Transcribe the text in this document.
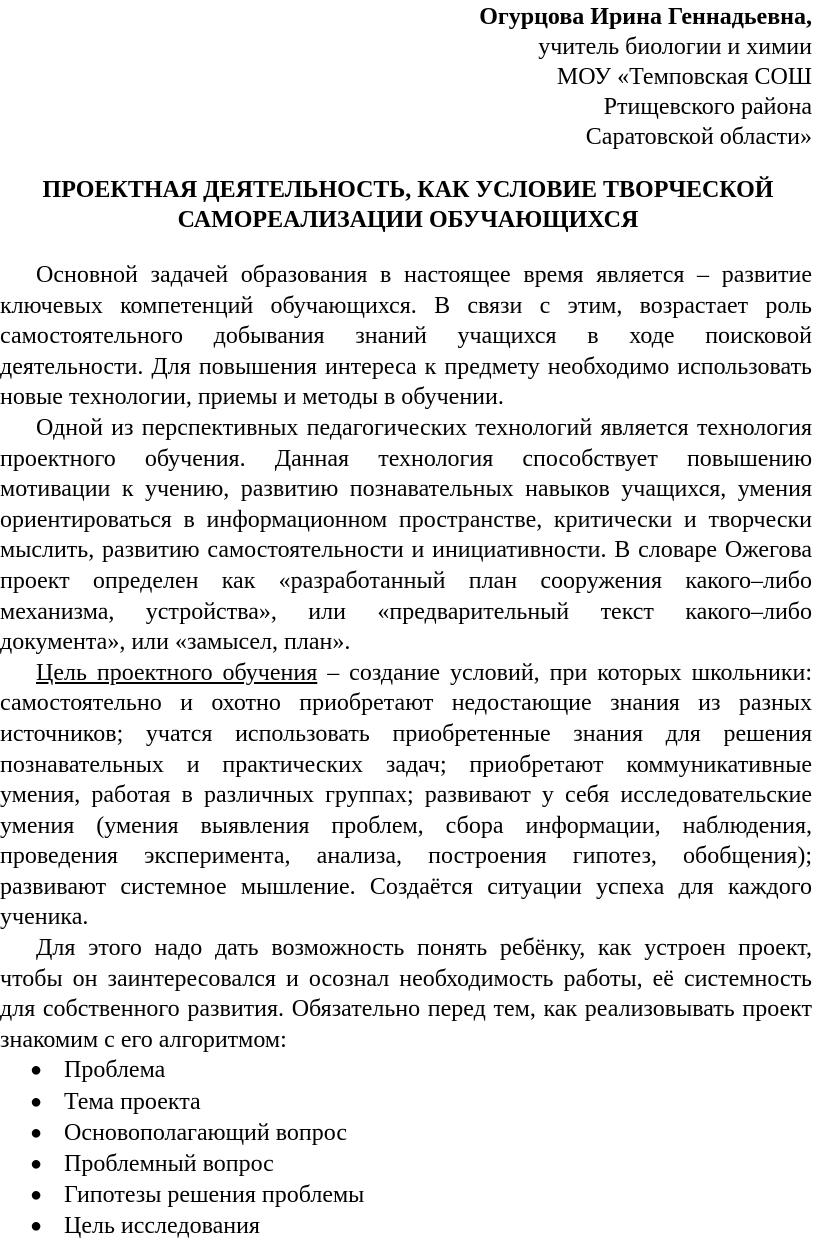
Огурцова Ирина Геннадьевна,
учитель биологии и химии
МОУ «Темповская СОШ
Ртищевского района
Саратовской области»
ПРОЕКТНАЯ ДЕЯТЕЛЬНОСТЬ, КАК УСЛОВИЕ ТВОРЧЕСКОЙ
САМОРЕАЛИЗАЦИИ ОБУЧАЮЩИХСЯ

Основной задачей образования в настоящее время является – развитие ключевых компетенций обучающихся. В связи с этим, возрастает роль самостоятельного добывания знаний учащихся в ходе поисковой деятельности. Для повышения интереса к предмету необходимо использовать новые технологии, приемы и методы в обучении.

Одной из перспективных педагогических технологий является технология проектного обучения. Данная технология способствует повышению мотивации к учению, развитию познавательных навыков учащихся, умения ориентироваться в информационном пространстве, критически и творчески мыслить, развитию самостоятельности и инициативности. В словаре Ожегова проект определен как «разработанный план сооружения какого–либо механизма, устройства», или «предварительный текст какого–либо документа», или «замысел, план».

Цель проектного обучения – создание условий, при которых школьники: самостоятельно и охотно приобретают недостающие знания из разных источников; учатся использовать приобретенные знания для решения познавательных и практических задач; приобретают коммуникативные умения, работая в различных группах; развивают у себя исследовательские умения (умения выявления проблем, сбора информации, наблюдения, проведения эксперимента, анализа, построения гипотез, обобщения); развивают системное мышление. Создаётся ситуации успеха для каждого ученика.

Для этого надо дать возможность понять ребёнку, как устроен проект, чтобы он заинтересовался и осознал необходимость работы, её системность для собственного развития. Обязательно перед тем, как реализовывать проект знакомим с его алгоритмом:

● Проблема
● Тема проекта
● Основополагающий вопрос
● Проблемный вопрос
● Гипотезы решения проблемы
● Цель исследования
